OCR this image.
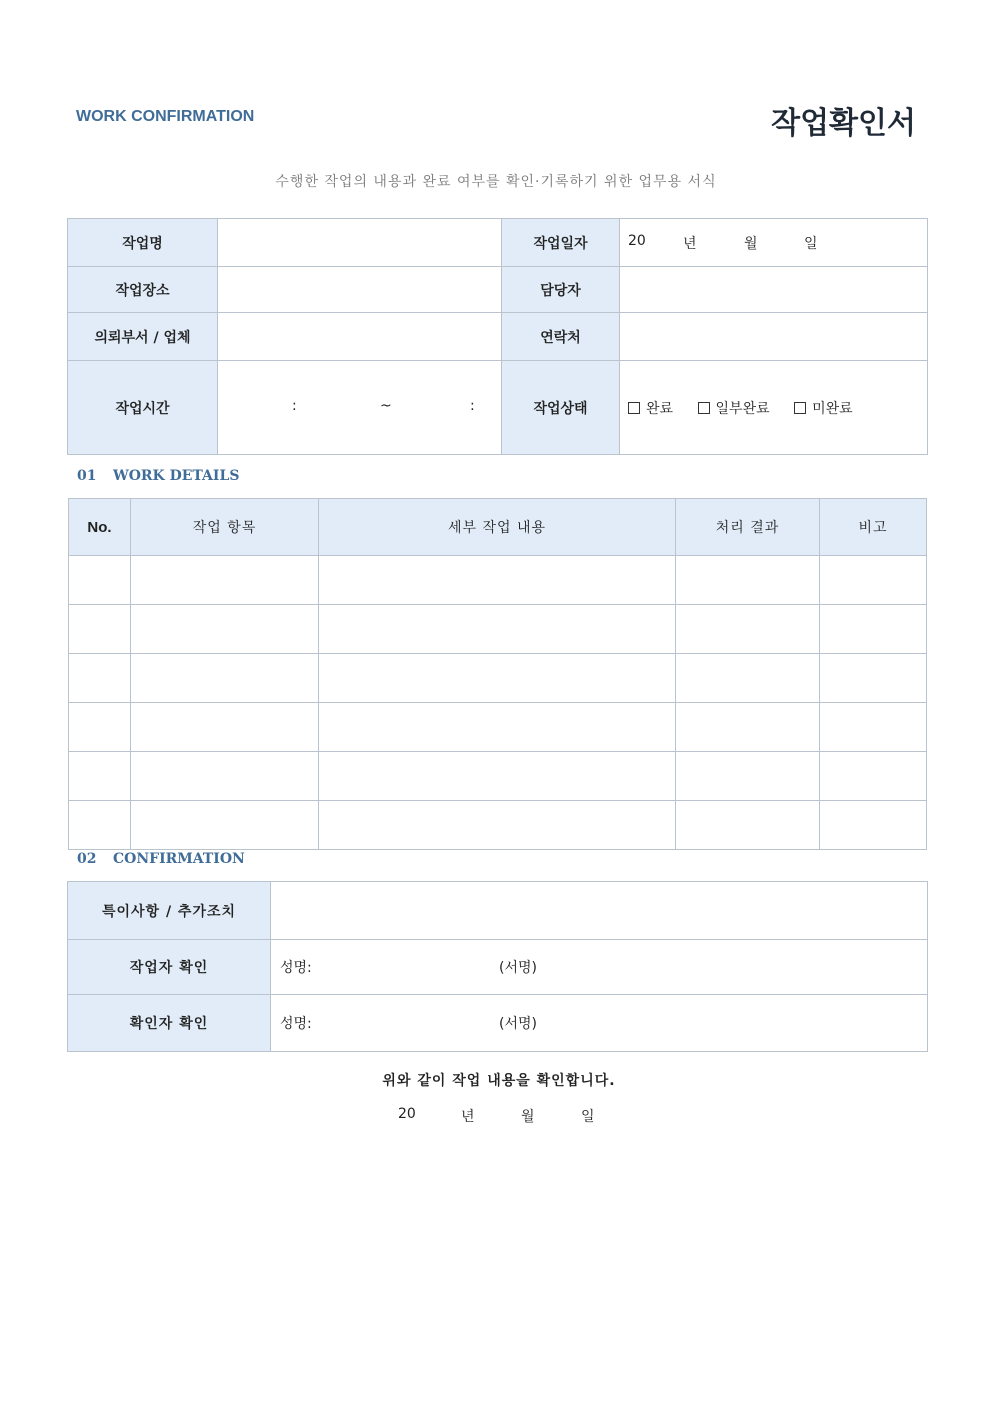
WORK CONFIRMATION	작업확인서
수행한 작업의 내용과 완료 여부를 확인·기록하기 위한 업무용 서식
작업명		작업일자	20 년 월 일

작업장소		담당자	
의뢰부서 / 업체		연락처	
작업시간	: ~ :	작업상태	완료 일부완료 미완료
01 WORK DETAILS
No.	작업 항목	세부 작업 내용	처리 결과	비고

02 CONFIRMATION
특이사항 / 추가조치	
작업자 확인	성명: (서명)
확인자 확인	성명: (서명)
위와 같이 작업 내용을 확인합니다.
20	년	월	일
